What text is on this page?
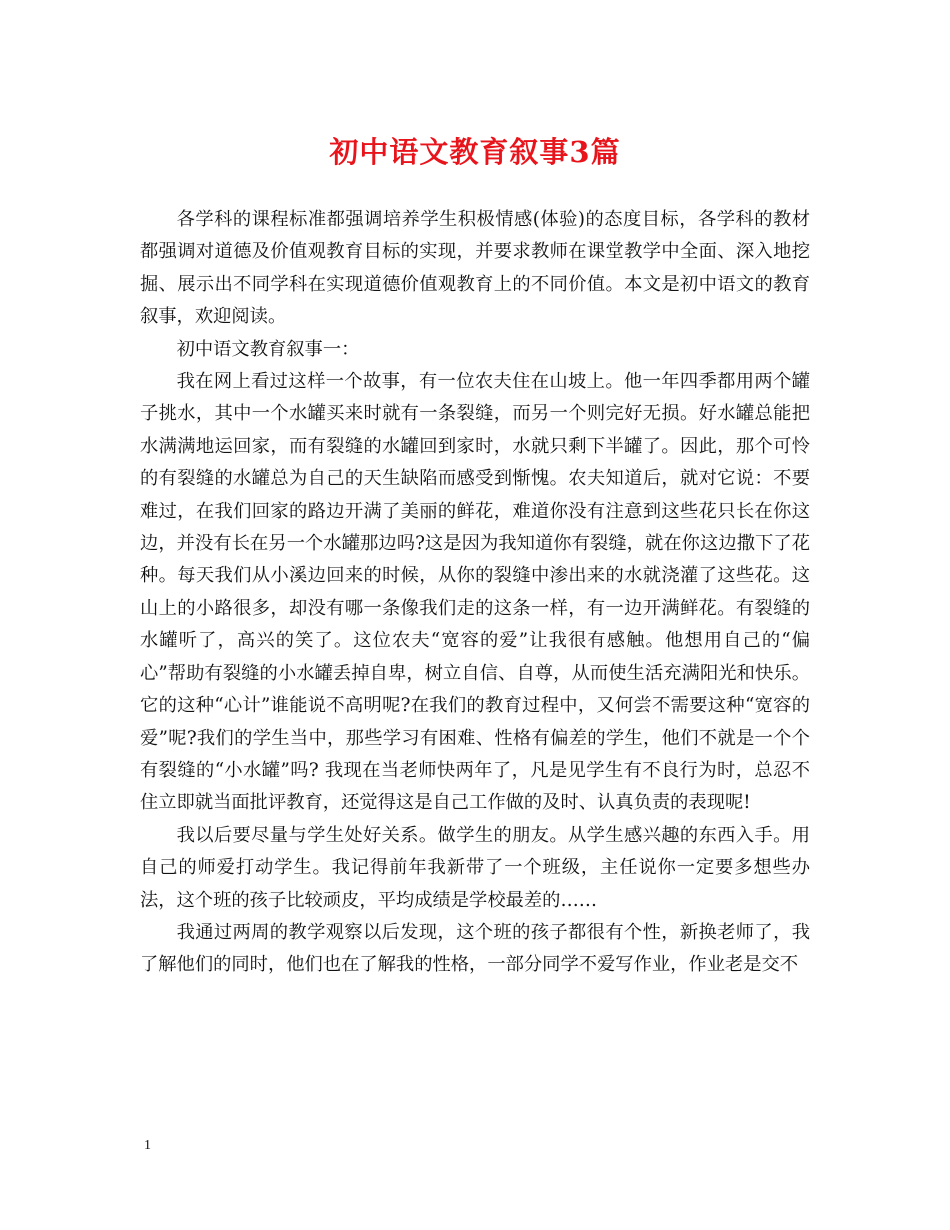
初中语文教育叙事3篇

各学科的课程标准都强调培养学生积极情感(体验)的态度目标，各学科的教材都强调对道德及价值观教育目标的实现，并要求教师在课堂教学中全面、深入地挖掘、展示出不同学科在实现道德价值观教育上的不同价值。本文是初中语文的教育叙事，欢迎阅读。

初中语文教育叙事一：

我在网上看过这样一个故事，有一位农夫住在山坡上。他一年四季都用两个罐子挑水，其中一个水罐买来时就有一条裂缝，而另一个则完好无损。好水罐总能把水满满地运回家，而有裂缝的水罐回到家时，水就只剩下半罐了。因此，那个可怜的有裂缝的水罐总为自己的天生缺陷而感受到惭愧。农夫知道后，就对它说：不要难过，在我们回家的路边开满了美丽的鲜花，难道你没有注意到这些花只长在你这边，并没有长在另一个水罐那边吗?这是因为我知道你有裂缝，就在你这边撒下了花种。每天我们从小溪边回来的时候，从你的裂缝中渗出来的水就浇灌了这些花。这山上的小路很多，却没有哪一条像我们走的这条一样，有一边开满鲜花。有裂缝的水罐听了，高兴的笑了。这位农夫“宽容的爱”让我很有感触。他想用自己的“偏心”帮助有裂缝的小水罐丢掉自卑，树立自信、自尊，从而使生活充满阳光和快乐。它的这种“心计”谁能说不高明呢?在我们的教育过程中，又何尝不需要这种“宽容的爱”呢?我们的学生当中，那些学习有困难、性格有偏差的学生，他们不就是一个个有裂缝的“小水罐”吗? 我现在当老师快两年了，凡是见学生有不良行为时，总忍不住立即就当面批评教育，还觉得这是自己工作做的及时、认真负责的表现呢!

我以后要尽量与学生处好关系。做学生的朋友。从学生感兴趣的东西入手。用自己的师爱打动学生。我记得前年我新带了一个班级，主任说你一定要多想些办法，这个班的孩子比较顽皮，平均成绩是学校最差的……

我通过两周的教学观察以后发现，这个班的孩子都很有个性，新换老师了，我了解他们的同时，他们也在了解我的性格，一部分同学不爱写作业，作业老是交不

1
